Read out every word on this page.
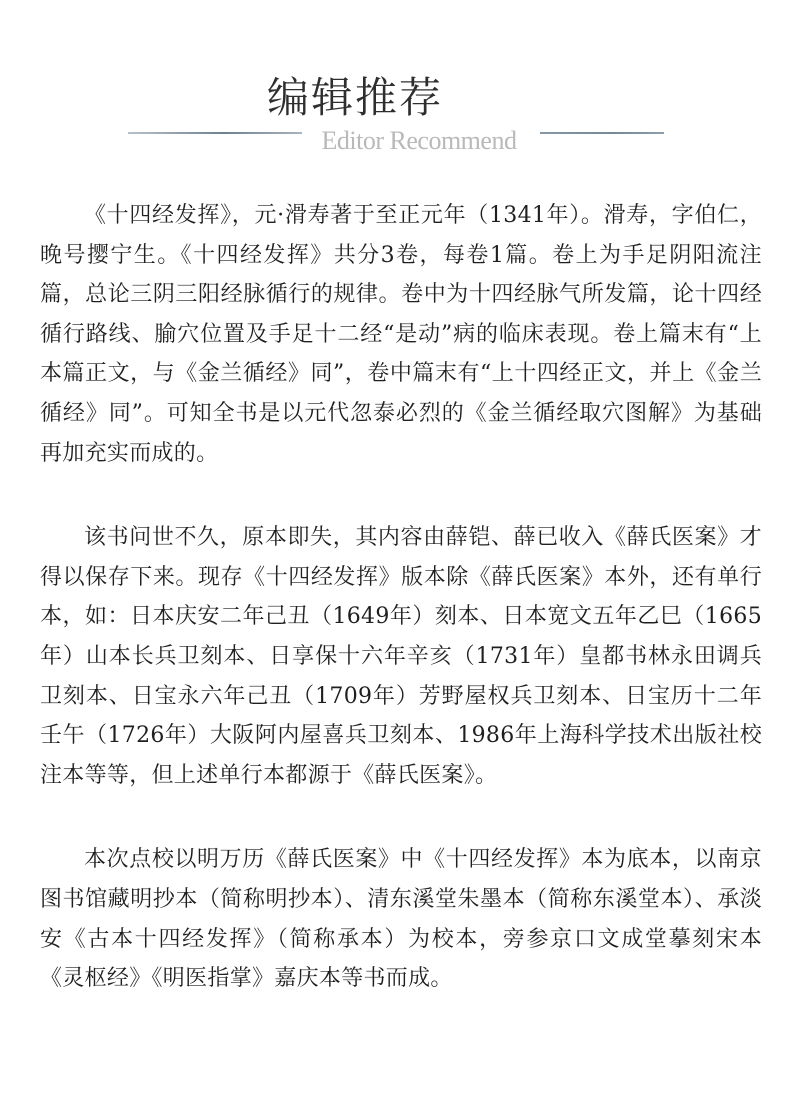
编辑推荐
Editor Recommend

《十四经发挥》，元·滑寿著于至正元年（1341年）。滑寿，字伯仁，晚号撄宁生。《十四经发挥》共分3卷，每卷1篇。卷上为手足阴阳流注篇，总论三阴三阳经脉循行的规律。卷中为十四经脉气所发篇，论十四经循行路线、腧穴位置及手足十二经“是动”病的临床表现。卷上篇末有“上本篇正文，与《金兰循经》同”，卷中篇末有“上十四经正文，并上《金兰循经》同”。可知全书是以元代忽泰必烈的《金兰循经取穴图解》为基础再加充实而成的。

该书问世不久，原本即失，其内容由薛铠、薛已收入《薛氏医案》才得以保存下来。现存《十四经发挥》版本除《薛氏医案》本外，还有单行本，如：日本庆安二年己丑（1649年）刻本、日本宽文五年乙巳（1665年）山本长兵卫刻本、日享保十六年辛亥（1731年）皇都书林永田调兵卫刻本、日宝永六年己丑（1709年）芳野屋权兵卫刻本、日宝历十二年壬午（1726年）大阪阿内屋喜兵卫刻本、1986年上海科学技术出版社校注本等等，但上述单行本都源于《薛氏医案》。

本次点校以明万历《薛氏医案》中《十四经发挥》本为底本，以南京图书馆藏明抄本（简称明抄本）、清东溪堂朱墨本（简称东溪堂本）、承淡安《古本十四经发挥》（简称承本）为校本，旁参京口文成堂摹刻宋本《灵枢经》《明医指掌》嘉庆本等书而成。
